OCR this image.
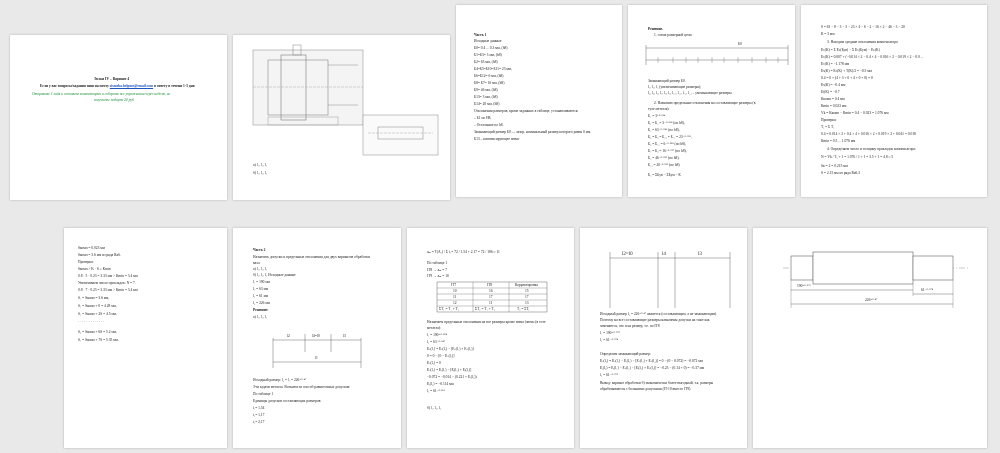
Экзам IV – Вариант 4
Если у вас вопросы/задания пиш на почту sismeha.helpme@email.com в ответу в течени 1-3 дня
Отправьте 1 лайк и оставьте комментарии и соберите все упражнения через неделю, не
получаете подарок 20 руб
а) l₁, l₂, l₃
б) l₁, l₂, l₃
Часть 1
Исходные данные
Б0= 0.4 ... 0.3 мм, (h8)
Б1=Б3= 3 мм, (h8)
Б2= 63 мм, (h8)
Б4=Б5=Б10=Б11= 23 мм,
Б6=Б12= 6 мм, (h8)
Б8= Б7= 16 мм, (h8)
Б9= 46 мм, (h8)
Б13= 3 мм, (h8)
Б14= 20 мм, (h8)
Отклонения размеров, кроме заданных в таблице, устанавливаются:
– Б1 по H8,
– Остальные по h8.
Замыкающий размер Б0 — зазор, номинальный размер которого равен 0 мм.
Б13 – компенсирующее звено
Решение.
1. схема размерной цепи
Б0
Замыкающий размер Б0.
l₁, l₂, l₃ (увеличивающие размеры);
l₄, l₅, l₆, l₇, l₈, l₉, l₁₀, l₁₁, l₁₂, l₁₃ – уменьшающие размеры.
2. Назначаю предельные отклонения на составляющие размеры (в
туле метатла):
Б₁ = 3⁺⁰·⁰¹⁴
Б₂ = Б₃ = 3⁻⁰·⁰¹⁴ (по h8),
Б₃ = 63⁻⁰·⁰⁴⁶ (по h8),
Б₄ = Б₅ = Б₁₀ = Б₁₁ = 23⁻⁰·⁰³³,
Б₆ = Б₁₂ = 6⁻⁰·⁰¹⁸ (по h8),
Б₇ = Б₈ = 16⁻⁰·⁰²⁷ (по h8),
Б₉ = 46⁻⁰·⁰³⁹ (по h8),
Б₁₄ = 20⁻⁰·⁰³³ (по h8)
Б₀ = ΣБув − ΣБум − К
0 = 63 − 8 − 3 − 3 − 23 × 4 − 6 − 2 − 16 × 2 − 46 − 3 − 20
К = 3 мм
3. Находим средние отклонения компенсатора
Eс(K) = Σ Eс(Був) − Σ Eс(Бум) − Eс(K)
Eс(K) = 0.007 + (−0.014 × 2 − 0.4 × 4 − 0.016 × 2 − 0.019 × 2 − 0.0 ...
Eс(K) = −1.178 мм
Еs(K) = Eс(K) + T(K)/2 = −0.5 мм
0.4 = 0 + (4 + 3 + 0 + 4 + 0 + 0) = 0
Еs(K) = −0.4 мм
Ei(K) = −0.7
Ккомп = 0.4 мм
Кmin = 0.023 мм
Vk = Ккомп − Кmin = 0.4 − 0.023 = 1.076 мм
Проверка:
Tₐ = Σ Tᵢ
0.4 = 0.014 × 2 + 0.4 × 4 + 0.016 × 2 + 0.019 × 2 + 0.041 = 0.018
Кmin = 0.5 ... 1.076 мм
4. Определяем число и толщину прокладок компенсатора:
N = Vk / Tₐ + 1 = 1.076 / 1 + 1 = 3.5 + 1 = 4.8 ≈ 5
Sк = 2 = 0.215 мм
S = 2.15 мм из ряда Ra6.3
Sкомп = 0.023 мм
Sкомп = 3.6 мм из ряда Ra6.
Проверка:
Sкомп > K · S ≥ Кmin
0.8 · 5 · 0.23 = 3.33 мм > Кmin = 3.4 мм
Увеличиваем число прокладок: N = 7.
0.8 · 7 · 0.23 = 3.33 мм > Кmin = 3.4 мм
S₁ = Sкомп = 3.6 мм,
S₂ = Sкомп + 0 = 4.28 мм,
S₃ = Sкомп + 2S = 4.5 мм,
· · · · · · · · · · · · ·
S₆ = Sкомп + 6S = 5.2 мм,
S₇ = Sкомп + 7S = 5.35 мм.
Часть 2
Назначить допуски и предельные отклонения для двух вариантов обработки
вала
а) l₁, l₂, l₃
б) l₁, l₂, l₃ Исходные данные
l₁ = 190 мм
l₂ = 63 мм
l₃ = 61 мм
l₄ = 226 мм
Решение:
а) l₁, l₂, l₃
l2	l4=l0	l3
l1
Исходный размер: l₄ = l₁ = 226⁺⁰·⁴⁷
Эти задачи метатла. Возьмем из способ равноточных допусков:
По таблице 1
Единицы допусков составляющих размеров:
i₁= 1,54
i₂= 1,17
i₃= 2,17
aₘ = T(A₀) / Σ iᵢ = 72 / 1.54 + 2.17 = 72 / 186 ≈ 11
По таблице 1
IT8 → aₘ = 7
IT9 → aₘ = 10
IT7	IT8	Корректировка
10	16	15
11	17	17
12	11	13
ΣT₁ = T₁ + T₂	ΣT₂ = T₁ + T₂	T₀ = ΣTᵢ
Назначаем предельные отклонения на все размеры кроме звена (звено (в тоте
метатла):
l₁ = 190⁺⁰·⁰⁰⁴
l₂ = 63⁻⁰·⁰⁴⁷
Eₛ(l₁) = Eₛ(l₂) − [Eₛ(l₁) + Eₛ(l₃)]
0 = 0 − [0 − Eₛ(l₃)]
Eₛ(l₃) = 0
Eₛ(l₃) = Eᵢ(l₁) − [Eᵢ(l₂) + Eᵢ(l₃)]
−0.072 = −0.014 − (0.221 + Eᵢ(l₃))
Eᵢ(l₃) = −0.114 мм
l₃ = 61⁻⁰·¹¹⁴
б) l₁, l₂, l₃
l2=l0	l4	l3
Исходный размер l₄ = 226⁺⁰·⁴⁷ является (составляющим, а не замыкающим).
Поэтому на все составляющие размеры назначены допуски на тоже как
заменяется, что и на размер, т.е. по IT8
l₁ = 190⁺⁰·⁰⁷²
l₃ = 61⁻⁰·⁰⁷⁴
Определим замыкающий размер:
Eₛ(l₀) = Eₛ(l₁) − Eᵢ(l₂) − [Eₛ(l₃) + Eₛ(l₄)] = 0 − (0 − 0.072) = −0.072 мм
Eᵢ(l₀) = Eᵢ(l₁) − Eₛ(l₂) − [Eᵢ(l₃) + Eₛ(l₄)] = −0.23 − (0.14 + 0) = −0.37 мм
l₀ = 61⁻⁰·⁰⁷²
Вывод: вариант обработки б) экономически более выгодный, т.к. размеры
обрабатываются с большими допусками (IT-10 вместо IT9).
190⁺⁰·⁰⁷²
61⁻⁰·⁰⁷⁴
226⁺⁰·⁴⁷
